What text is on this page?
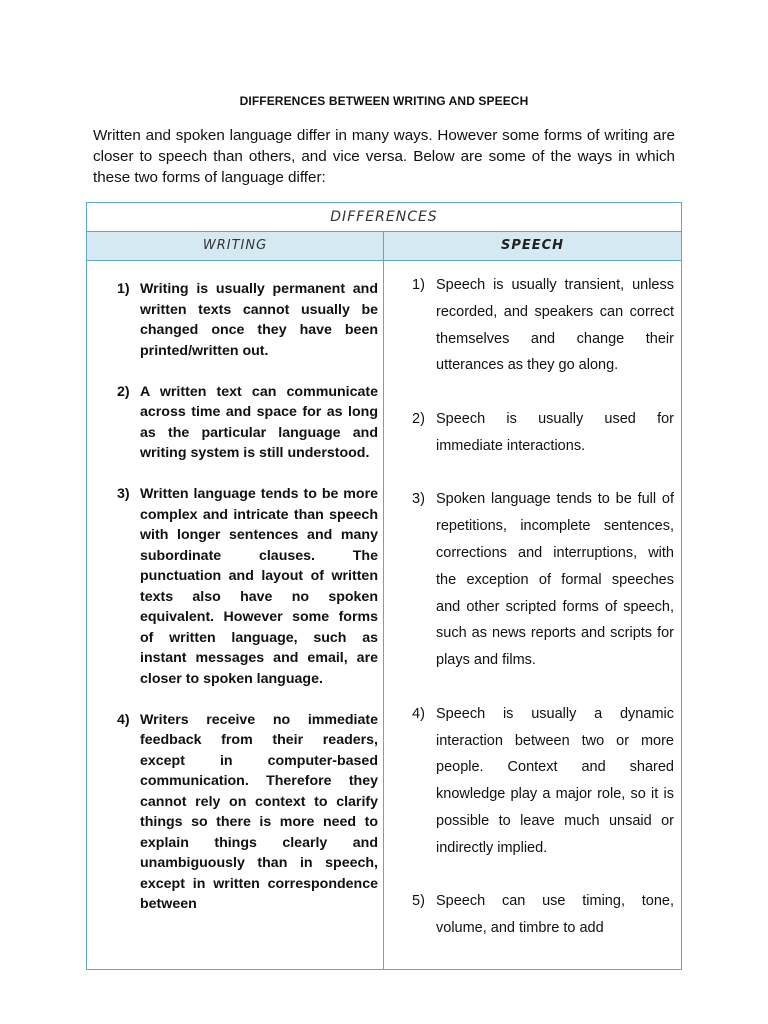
DIFFERENCES BETWEEN WRITING AND SPEECH
Written and spoken language differ in many ways. However some forms of writing are closer to speech than others, and vice versa. Below are some of the ways in which these two forms of language differ:
DIFFERENCES
WRITING	SPEECH
1) Writing is usually permanent and written texts cannot usually be changed once they have been printed/written out.
2) A written text can communicate across time and space for as long as the particular language and writing system is still understood.
3) Written language tends to be more complex and intricate than speech with longer sentences and many subordinate clauses. The punctuation and layout of written texts also have no spoken equivalent. However some forms of written language, such as instant messages and email, are closer to spoken language.
4) Writers receive no immediate feedback from their readers, except in computer-based communication. Therefore they cannot rely on context to clarify things so there is more need to explain things clearly and unambiguously than in speech, except in written correspondence between
1) Speech is usually transient, unless recorded, and speakers can correct themselves and change their utterances as they go along.
2) Speech is usually used for immediate interactions.
3) Spoken language tends to be full of repetitions, incomplete sentences, corrections and interruptions, with the exception of formal speeches and other scripted forms of speech, such as news reports and scripts for plays and films.
4) Speech is usually a dynamic interaction between two or more people. Context and shared knowledge play a major role, so it is possible to leave much unsaid or indirectly implied.
5) Speech can use timing, tone, volume, and timbre to add
